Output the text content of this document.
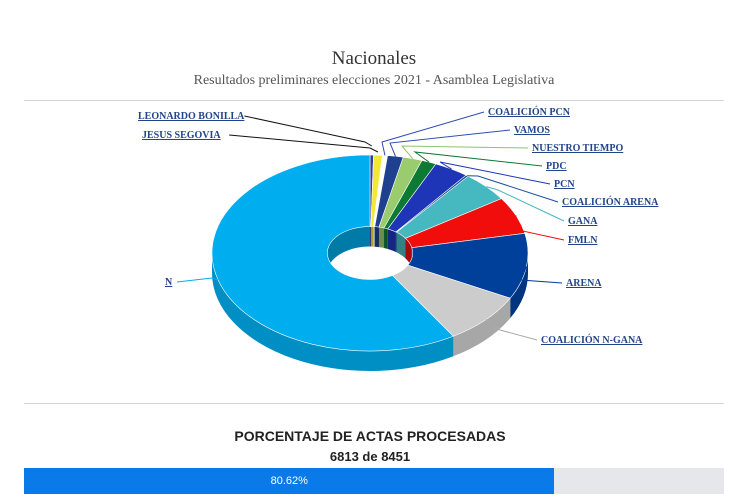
Nacionales
Resultados preliminares elecciones 2021 - Asamblea Legislativa
LEONARDO BONILLA
JESUS SEGOVIA
COALICIÓN PCN
VAMOS
NUESTRO TIEMPO
PDC
PCN
COALICIÓN ARENA
GANA
FMLN
ARENA
COALICIÓN N-GANA
N
PORCENTAJE DE ACTAS PROCESADAS
6813 de 8451
80.62%
